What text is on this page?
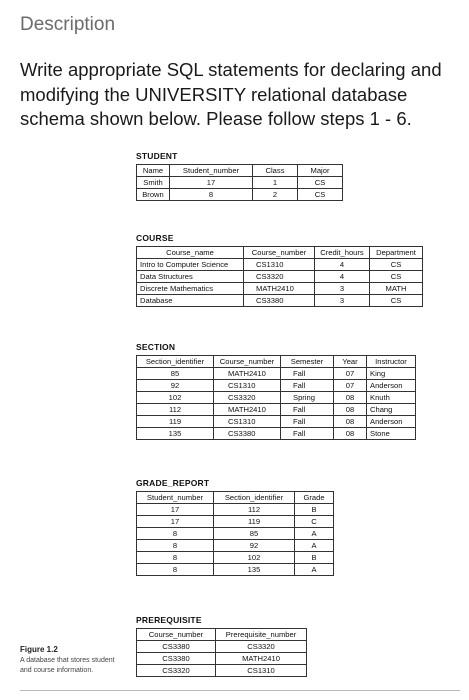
Description
Write appropriate SQL statements for declaring and modifying the UNIVERSITY relational database schema shown below. Please follow steps 1 - 6.
STUDENT
Name	Student_number	Class	Major
Smith	17	1	CS
Brown	8	2	CS
COURSE
Course_name	Course_number	Credit_hours	Department
Intro to Computer Science	CS1310	4	CS
Data Structures	CS3320	4	CS
Discrete Mathematics	MATH2410	3	MATH
Database	CS3380	3	CS
SECTION
Section_identifier	Course_number	Semester	Year	Instructor
85	MATH2410	Fall	07	King
92	CS1310	Fall	07	Anderson
102	CS3320	Spring	08	Knuth
112	MATH2410	Fall	08	Chang
119	CS1310	Fall	08	Anderson
135	CS3380	Fall	08	Stone
GRADE_REPORT
Student_number	Section_identifier	Grade
17	112	B
17	119	C
8	85	A
8	92	A
8	102	B
8	135	A
PREREQUISITE
Course_number	Prerequisite_number
CS3380	CS3320
CS3380	MATH2410
CS3320	CS1310
Figure 1.2
A database that stores student and course information.
